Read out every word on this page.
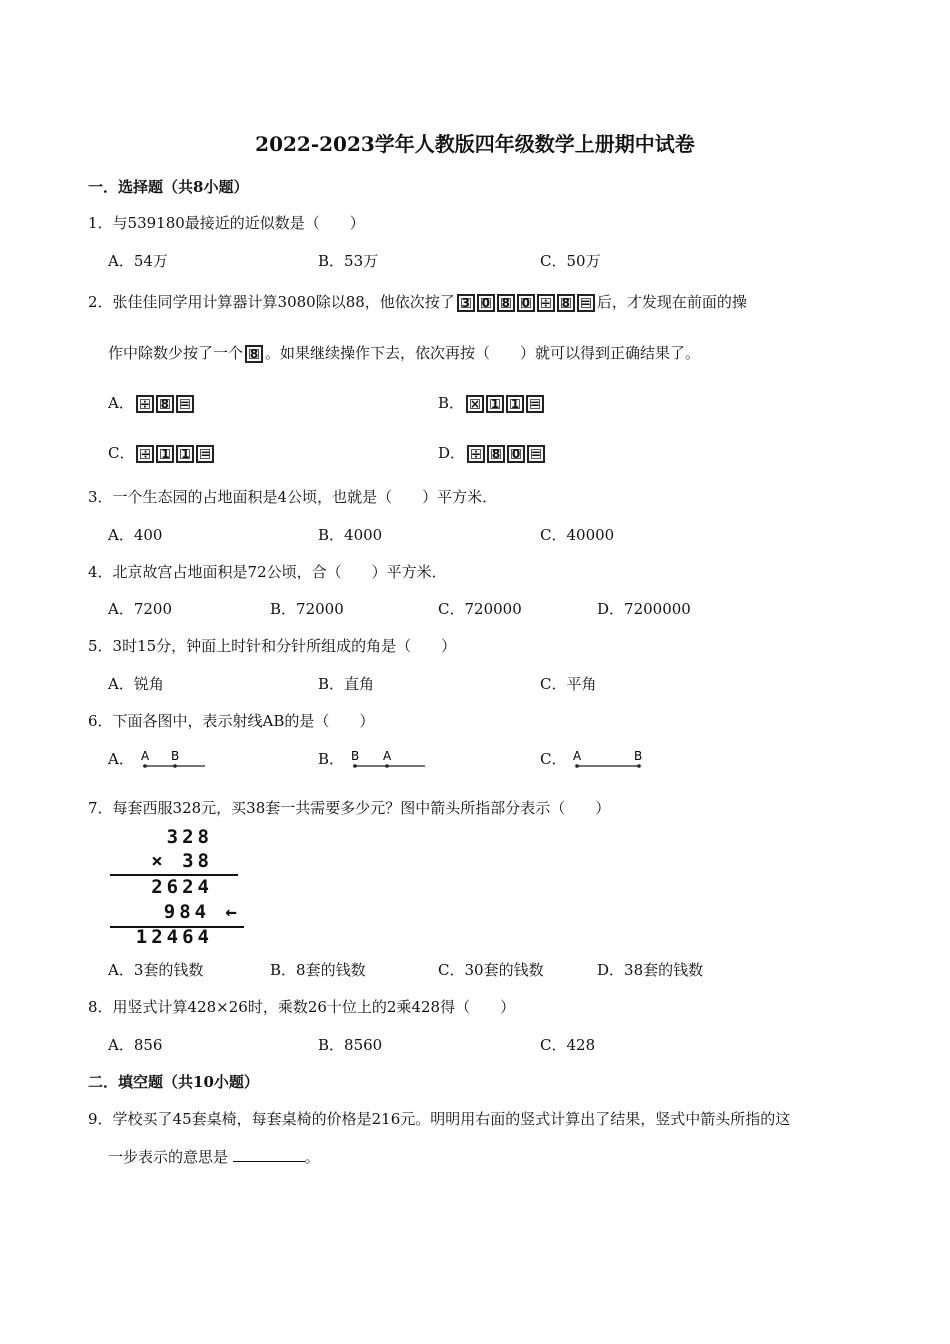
2022-2023学年人教版四年级数学上册期中试卷
一．选择题（共8小题）
1．与539180最接近的近似数是（　　）
A．54万	B．53万	C．50万
2．张佳佳同学用计算器计算3080除以88，他依次按了 3 0 8 0 ÷ 8 = 后，才发现在前面的操
作中除数少按了一个 8 。如果继续操作下去，依次再按（　　）就可以得到正确结果了。
A． ÷ 8 =	B． × 1 1 =
C． ÷ 1 1 =	D． ÷ 8 0 =
3．一个生态园的占地面积是4公顷，也就是（　　）平方米．
A．400	B．4000	C．40000
4．北京故宫占地面积是72公顷，合（　　）平方米．
A．7200	B．72000	C．720000	D．7200000
5．3时15分，钟面上时针和分针所组成的角是（　　）
A．锐角	B．直角	C．平角
6．下面各图中，表示射线AB的是（　　）
A． A B	B． B A	C． A	B
7．每套西服328元，买38套一共需要多少元？图中箭头所指部分表示（　　）
328
× 38
2624
984 ←
12464
A．3套的钱数	B．8套的钱数	C．30套的钱数	D．38套的钱数
8．用竖式计算428×26时，乘数26十位上的2乘428得（　　）
A．856	B．8560	C．428
二．填空题（共10小题）
9．学校买了45套桌椅，每套桌椅的价格是216元。明明用右面的竖式计算出了结果，竖式中箭头所指的这
一步表示的意思是	。
